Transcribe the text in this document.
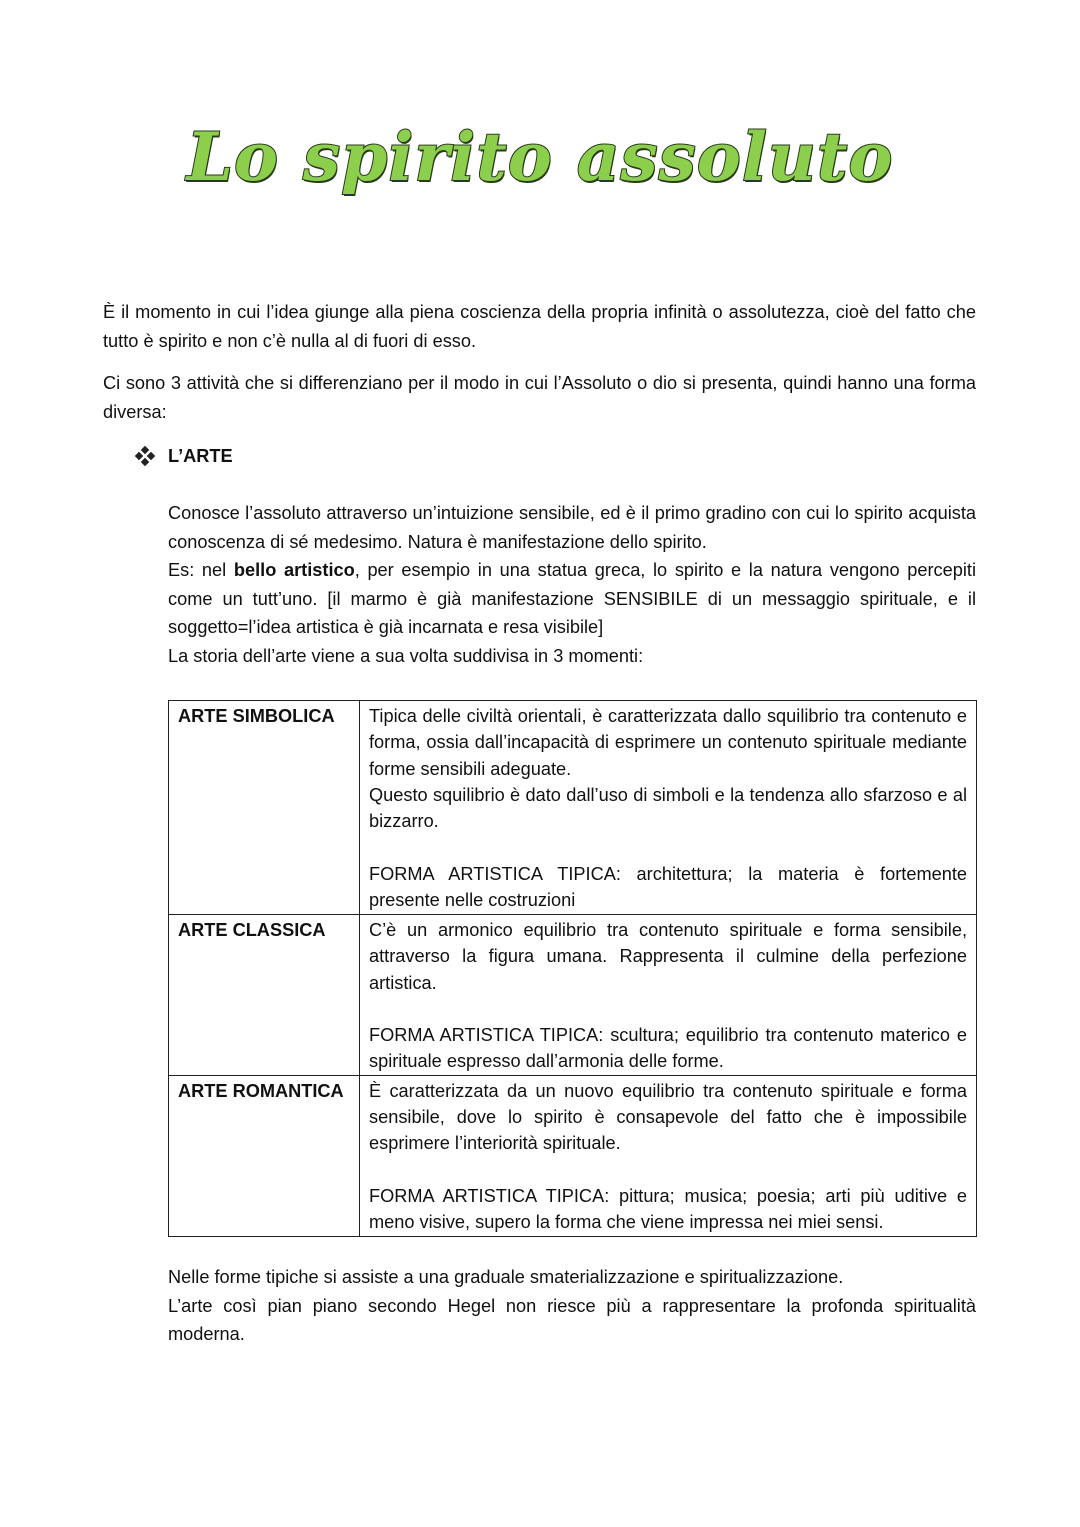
Lo spirito assoluto
È il momento in cui l’idea giunge alla piena coscienza della propria infinità o assolutezza, cioè del fatto che tutto è spirito e non c’è nulla al di fuori di esso.
Ci sono 3 attività che si differenziano per il modo in cui l’Assoluto o dio si presenta, quindi hanno una forma diversa:
L’ARTE
Conosce l’assoluto attraverso un’intuizione sensibile, ed è il primo gradino con cui lo spirito acquista conoscenza di sé medesimo. Natura è manifestazione dello spirito.
Es: nel bello artistico, per esempio in una statua greca, lo spirito e la natura vengono percepiti come un tutt’uno. [il marmo è già manifestazione SENSIBILE di un messaggio spirituale, e il soggetto=l’idea artistica è già incarnata e resa visibile]
La storia dell’arte viene a sua volta suddivisa in 3 momenti:
ARTE SIMBOLICA	Tipica delle civiltà orientali, è caratterizzata dallo squilibrio tra contenuto e forma, ossia dall’incapacità di esprimere un contenuto spirituale mediante forme sensibili adeguate.
Questo squilibrio è dato dall’uso di simboli e la tendenza allo sfarzoso e al bizzarro.
FORMA ARTISTICA TIPICA: architettura; la materia è fortemente presente nelle costruzioni

ARTE CLASSICA	C’è un armonico equilibrio tra contenuto spirituale e forma sensibile, attraverso la figura umana. Rappresenta il culmine della perfezione artistica.
FORMA ARTISTICA TIPICA: scultura; equilibrio tra contenuto materico e spirituale espresso dall’armonia delle forme.

ARTE ROMANTICA	È caratterizzata da un nuovo equilibrio tra contenuto spirituale e forma sensibile, dove lo spirito è consapevole del fatto che è impossibile esprimere l’interiorità spirituale.
FORMA ARTISTICA TIPICA: pittura; musica; poesia; arti più uditive e meno visive, supero la forma che viene impressa nei miei sensi.
Nelle forme tipiche si assiste a una graduale smaterializzazione e spiritualizzazione.
L’arte così pian piano secondo Hegel non riesce più a rappresentare la profonda spiritualità moderna.
